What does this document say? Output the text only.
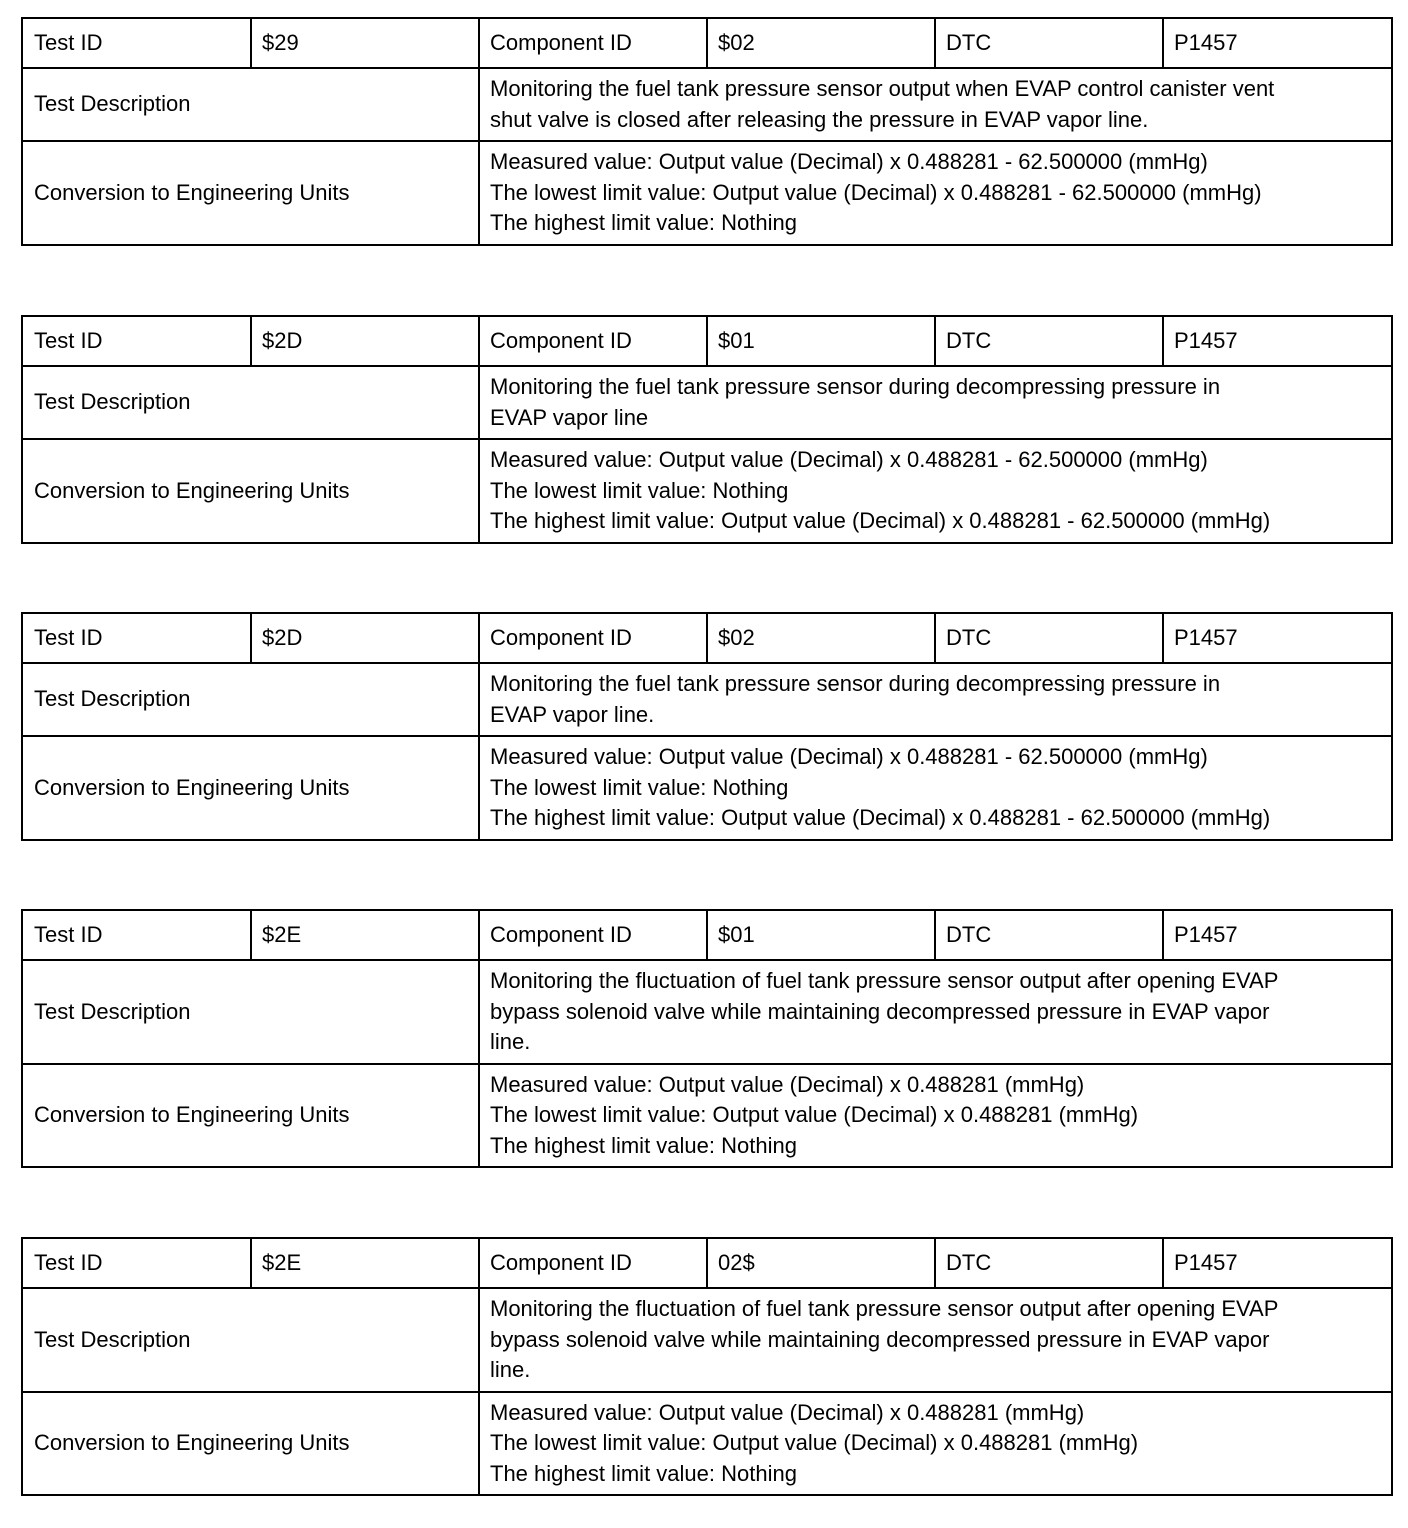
Test ID	$29	Component ID	$02	DTC	P1457
Test Description		Monitoring the fuel tank pressure sensor output when EVAP control canister vent
shut valve is closed after releasing the pressure in EVAP vapor line.			

Conversion to Engineering Units		Measured value: Output value (Decimal) x 0.488281 - 62.500000 (mmHg)
The lowest limit value: Output value (Decimal) x 0.488281 - 62.500000 (mmHg)
The highest limit value: Nothing			
Test ID	$2D	Component ID	$01	DTC	P1457
Test Description		Monitoring the fuel tank pressure sensor during decompressing pressure in
EVAP vapor line			

Conversion to Engineering Units		Measured value: Output value (Decimal) x 0.488281 - 62.500000 (mmHg)
The lowest limit value: Nothing
The highest limit value: Output value (Decimal) x 0.488281 - 62.500000 (mmHg)			
Test ID	$2D	Component ID	$02	DTC	P1457
Test Description		Monitoring the fuel tank pressure sensor during decompressing pressure in
EVAP vapor line.			

Conversion to Engineering Units		Measured value: Output value (Decimal) x 0.488281 - 62.500000 (mmHg)
The lowest limit value: Nothing
The highest limit value: Output value (Decimal) x 0.488281 - 62.500000 (mmHg)			
Test ID	$2E	Component ID	$01	DTC	P1457
Test Description		Monitoring the fluctuation of fuel tank pressure sensor output after opening EVAP
bypass solenoid valve while maintaining decompressed pressure in EVAP vapor
line.			

Conversion to Engineering Units		Measured value: Output value (Decimal) x 0.488281 (mmHg)
The lowest limit value: Output value (Decimal) x 0.488281 (mmHg)
The highest limit value: Nothing			
Test ID	$2E	Component ID	02$	DTC	P1457
Test Description		Monitoring the fluctuation of fuel tank pressure sensor output after opening EVAP
bypass solenoid valve while maintaining decompressed pressure in EVAP vapor
line.			

Conversion to Engineering Units		Measured value: Output value (Decimal) x 0.488281 (mmHg)
The lowest limit value: Output value (Decimal) x 0.488281 (mmHg)
The highest limit value: Nothing			
